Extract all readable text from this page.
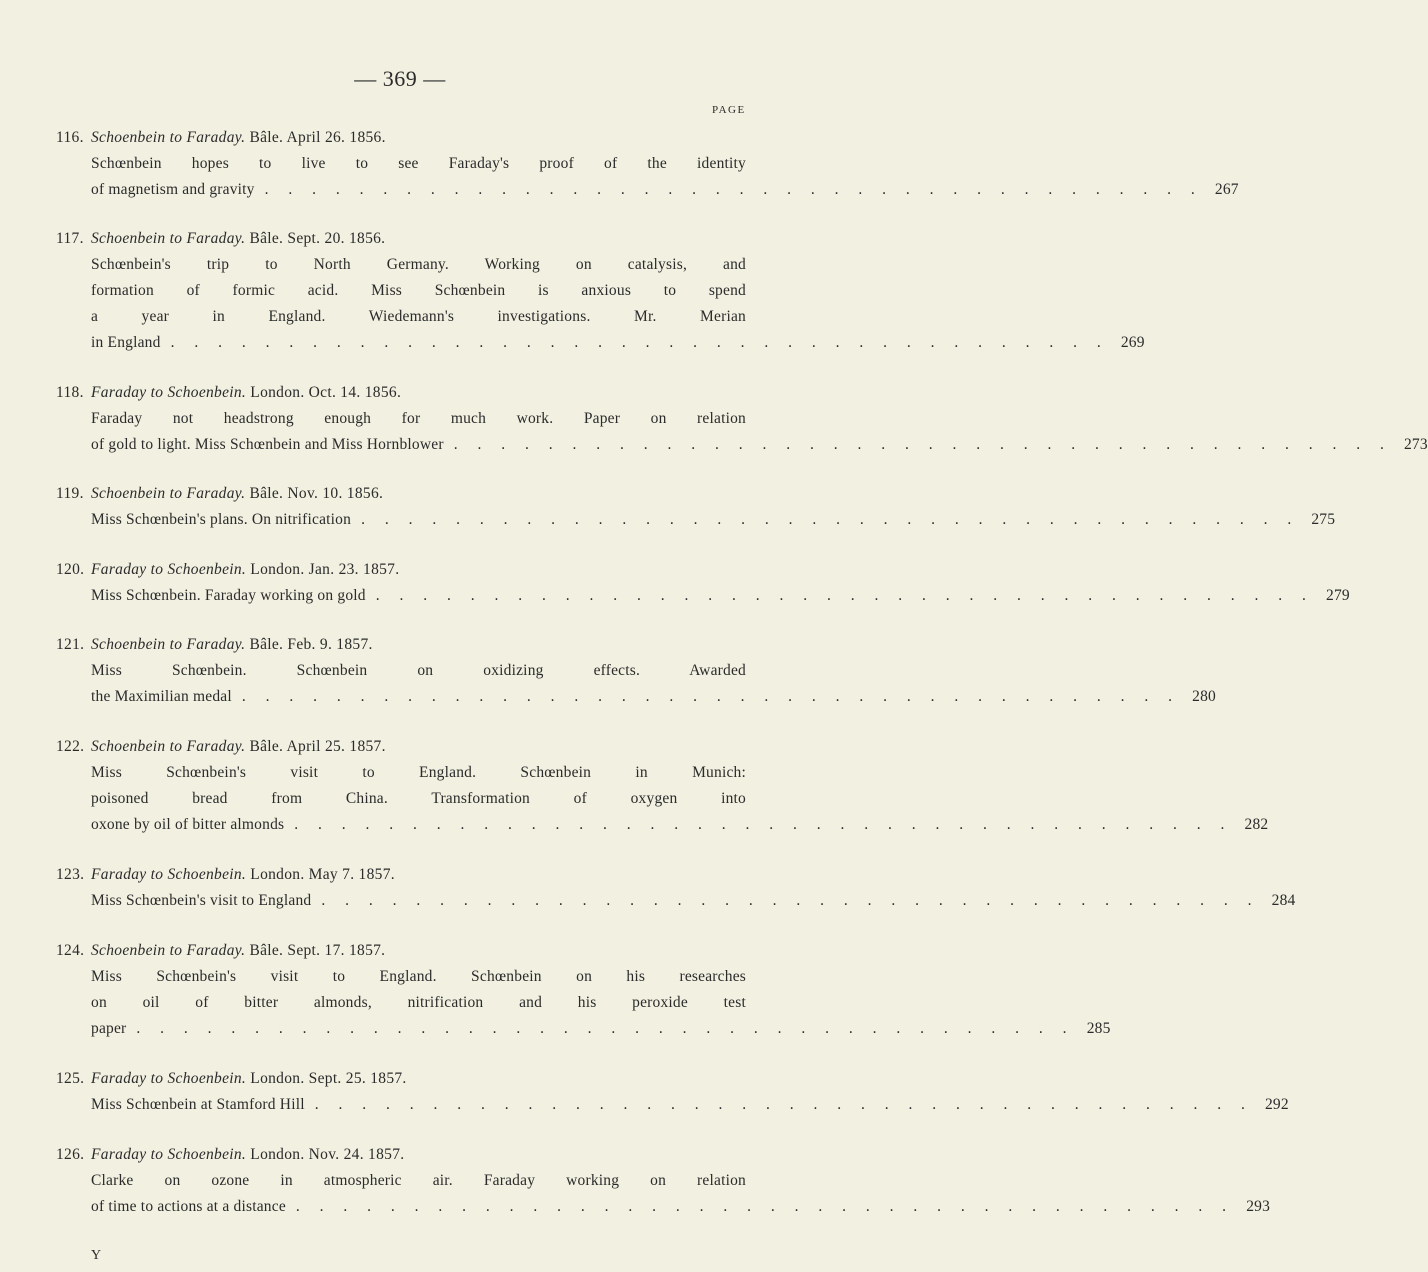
— 369 —
PAGE
116. Schoenbein to Faraday. Bâle. April 26. 1856.
Schœnbein hopes to live to see Faraday's proof of the identity
of magnetism and gravity . . . . . . . . . . . . . . . . . . . . . . . . . . . . . . . . . . . . . . . . 267
117. Schoenbein to Faraday. Bâle. Sept. 20. 1856.
Schœnbein's trip to North Germany. Working on catalysis, and
formation of formic acid. Miss Schœnbein is anxious to spend
a year in England. Wiedemann's investigations. Mr. Merian
in England . . . . . . . . . . . . . . . . . . . . . . . . . . . . . . . . . . . . . . . . 269
118. Faraday to Schoenbein. London. Oct. 14. 1856.
Faraday not headstrong enough for much work. Paper on relation
of gold to light. Miss Schœnbein and Miss Hornblower . . . . . . . . . . . . . . . . . . . . . . . . . . . . . . . . . . . . . . . . 273
119. Schoenbein to Faraday. Bâle. Nov. 10. 1856.
Miss Schœnbein's plans. On nitrification . . . . . . . . . . . . . . . . . . . . . . . . . . . . . . . . . . . . . . . . 275
120. Faraday to Schoenbein. London. Jan. 23. 1857.
Miss Schœnbein. Faraday working on gold . . . . . . . . . . . . . . . . . . . . . . . . . . . . . . . . . . . . . . . . 279
121. Schoenbein to Faraday. Bâle. Feb. 9. 1857.
Miss Schœnbein. Schœnbein on oxidizing effects. Awarded
the Maximilian medal . . . . . . . . . . . . . . . . . . . . . . . . . . . . . . . . . . . . . . . . 280
122. Schoenbein to Faraday. Bâle. April 25. 1857.
Miss Schœnbein's visit to England. Schœnbein in Munich:
poisoned bread from China. Transformation of oxygen into
oxone by oil of bitter almonds . . . . . . . . . . . . . . . . . . . . . . . . . . . . . . . . . . . . . . . . 282
123. Faraday to Schoenbein. London. May 7. 1857.
Miss Schœnbein's visit to England . . . . . . . . . . . . . . . . . . . . . . . . . . . . . . . . . . . . . . . . 284
124. Schoenbein to Faraday. Bâle. Sept. 17. 1857.
Miss Schœnbein's visit to England. Schœnbein on his researches
on oil of bitter almonds, nitrification and his peroxide test
paper . . . . . . . . . . . . . . . . . . . . . . . . . . . . . . . . . . . . . . . . 285
125. Faraday to Schoenbein. London. Sept. 25. 1857.
Miss Schœnbein at Stamford Hill . . . . . . . . . . . . . . . . . . . . . . . . . . . . . . . . . . . . . . . . 292
126. Faraday to Schoenbein. London. Nov. 24. 1857.
Clarke on ozone in atmospheric air. Faraday working on relation
of time to actions at a distance . . . . . . . . . . . . . . . . . . . . . . . . . . . . . . . . . . . . . . . . 293
Y
